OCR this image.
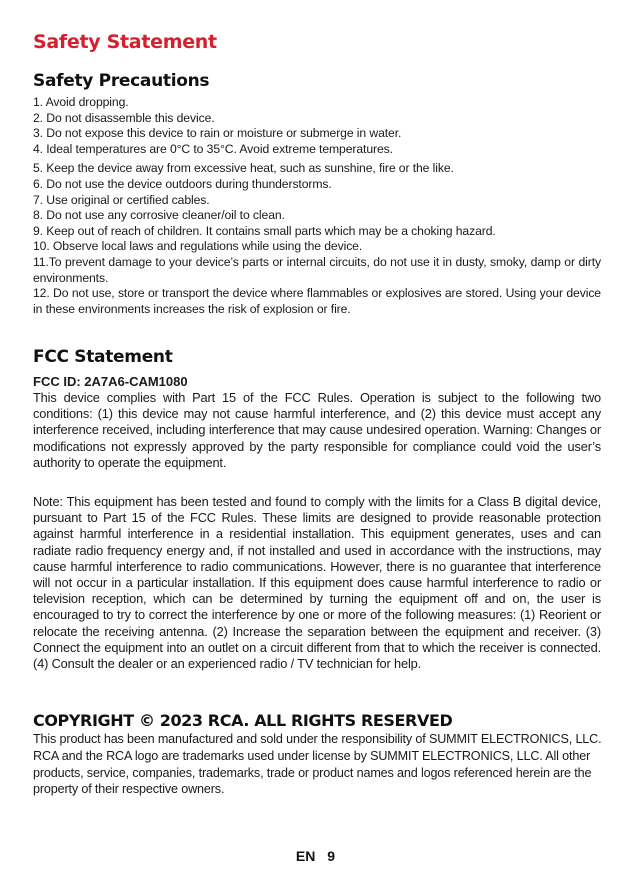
Safety Statement
Safety Precautions
1. Avoid dropping.
2. Do not disassemble this device.
3. Do not expose this device to rain or moisture or submerge in water.
4. Ideal temperatures are 0°C to 35°C. Avoid extreme temperatures.
5. Keep the device away from excessive heat, such as sunshine, fire or the like.
6. Do not use the device outdoors during thunderstorms.
7. Use original or certified cables.
8. Do not use any corrosive cleaner/oil to clean.
9. Keep out of reach of children. It contains small parts which may be a choking hazard.
10. Observe local laws and regulations while using the device.
11.To prevent damage to your device’s parts or internal circuits, do not use it in dusty, smoky, damp or dirty environments.
12. Do not use, store or transport the device where flammables or explosives are stored. Using your device in these environments increases the risk of explosion or fire.
FCC Statement

FCC ID: 2A7A6-CAM1080

This device complies with Part 15 of the FCC Rules. Operation is subject to the following two conditions: (1) this device may not cause harmful interference, and (2) this device must accept any interference received, including interference that may cause undesired operation. Warning: Changes or modifications not expressly approved by the party responsible for compliance could void the user’s authority to operate the equipment.

Note: This equipment has been tested and found to comply with the limits for a Class B digital device, pursuant to Part 15 of the FCC Rules. These limits are designed to provide reasonable protection against harmful interference in a residential installation. This equipment generates, uses and can radiate radio frequency energy and, if not installed and used in accordance with the instructions, may cause harmful interference to radio communications. However, there is no guarantee that interference will not occur in a particular installation. If this equipment does cause harmful interference to radio or television reception, which can be determined by turning the equipment off and on, the user is encouraged to try to correct the interference by one or more of the following measures: (1) Reorient or relocate the receiving antenna. (2) Increase the separation between the equipment and receiver. (3) Connect the equipment into an outlet on a circuit different from that to which the receiver is connected. (4) Consult the dealer or an experienced radio / TV technician for help.

COPYRIGHT © 2023 RCA. ALL RIGHTS RESERVED

This product has been manufactured and sold under the responsibility of SUMMIT ELECTRONICS, LLC. RCA and the RCA logo are trademarks used under license by SUMMIT ELECTRONICS, LLC. All other products, service, companies, trademarks, trade or product names and logos referenced herein are the property of their respective owners.

EN 9
